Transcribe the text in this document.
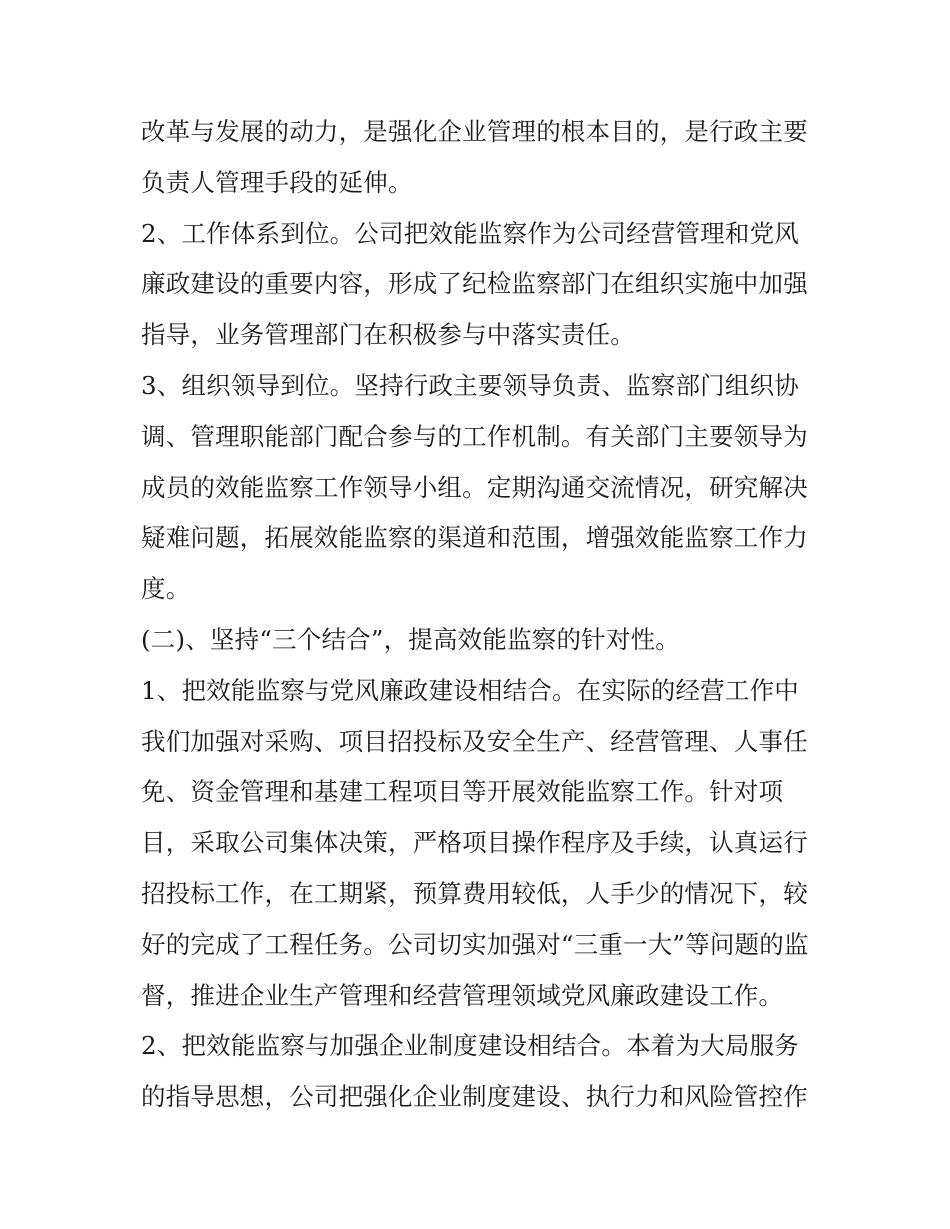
改革与发展的动力，是强化企业管理的根本目的，是行政主要
负责人管理手段的延伸。
2、工作体系到位。公司把效能监察作为公司经营管理和党风
廉政建设的重要内容，形成了纪检监察部门在组织实施中加强
指导，业务管理部门在积极参与中落实责任。
3、组织领导到位。坚持行政主要领导负责、监察部门组织协
调、管理职能部门配合参与的工作机制。有关部门主要领导为
成员的效能监察工作领导小组。定期沟通交流情况，研究解决
疑难问题，拓展效能监察的渠道和范围，增强效能监察工作力
度。
(二)、坚持“三个结合”，提高效能监察的针对性。
1、把效能监察与党风廉政建设相结合。在实际的经营工作中
我们加强对采购、项目招投标及安全生产、经营管理、人事任
免、资金管理和基建工程项目等开展效能监察工作。针对项
目，采取公司集体决策，严格项目操作程序及手续，认真运行
招投标工作，在工期紧，预算费用较低，人手少的情况下，较
好的完成了工程任务。公司切实加强对“三重一大”等问题的监
督，推进企业生产管理和经营管理领域党风廉政建设工作。
2、把效能监察与加强企业制度建设相结合。本着为大局服务
的指导思想，公司把强化企业制度建设、执行力和风险管控作
